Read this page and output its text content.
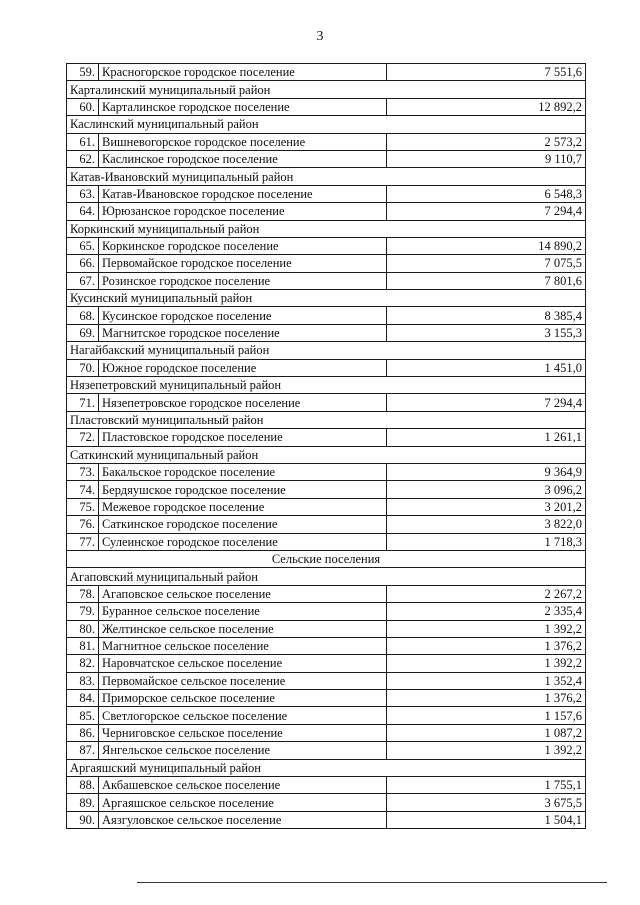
3
59.	Красногорское городское поселение	7 551,6
Карталинский муниципальный район		
60.	Карталинское городское поселение	12 892,2
Каслинский муниципальный район		
61.	Вишневогорское городское поселение	2 573,2
62.	Каслинское городское поселение	9 110,7
Катав-Ивановский муниципальный район		
63.	Катав-Ивановское городское поселение	6 548,3
64.	Юрюзанское городское поселение	7 294,4
Коркинский муниципальный район		
65.	Коркинское городское поселение	14 890,2
66.	Первомайское городское поселение	7 075,5
67.	Розинское городское поселение	7 801,6
Кусинский муниципальный район		
68.	Кусинское городское поселение	8 385,4
69.	Магнитское городское поселение	3 155,3
Нагайбакский муниципальный район		
70.	Южное городское поселение	1 451,0
Нязепетровский муниципальный район		
71.	Нязепетровское городское поселение	7 294,4
Пластовский муниципальный район		
72.	Пластовское городское поселение	1 261,1
Саткинский муниципальный район		
73.	Бакальское городское поселение	9 364,9
74.	Бердяушское городское поселение	3 096,2
75.	Межевое городское поселение	3 201,2
76.	Саткинское городское поселение	3 822,0
77.	Сулеинское городское поселение	1 718,3
Сельские поселения		
Агаповский муниципальный район		
78.	Агаповское сельское поселение	2 267,2
79.	Буранное сельское поселение	2 335,4
80.	Желтинское сельское поселение	1 392,2
81.	Магнитное сельское поселение	1 376,2
82.	Наровчатское сельское поселение	1 392,2
83.	Первомайское сельское поселение	1 352,4
84.	Приморское сельское поселение	1 376,2
85.	Светлогорское сельское поселение	1 157,6
86.	Черниговское сельское поселение	1 087,2
87.	Янгельское сельское поселение	1 392,2
Аргаяшский муниципальный район		
88.	Акбашевское сельское поселение	1 755,1
89.	Аргаяшское сельское поселение	3 675,5
90.	Аязгуловское сельское поселение	1 504,1
